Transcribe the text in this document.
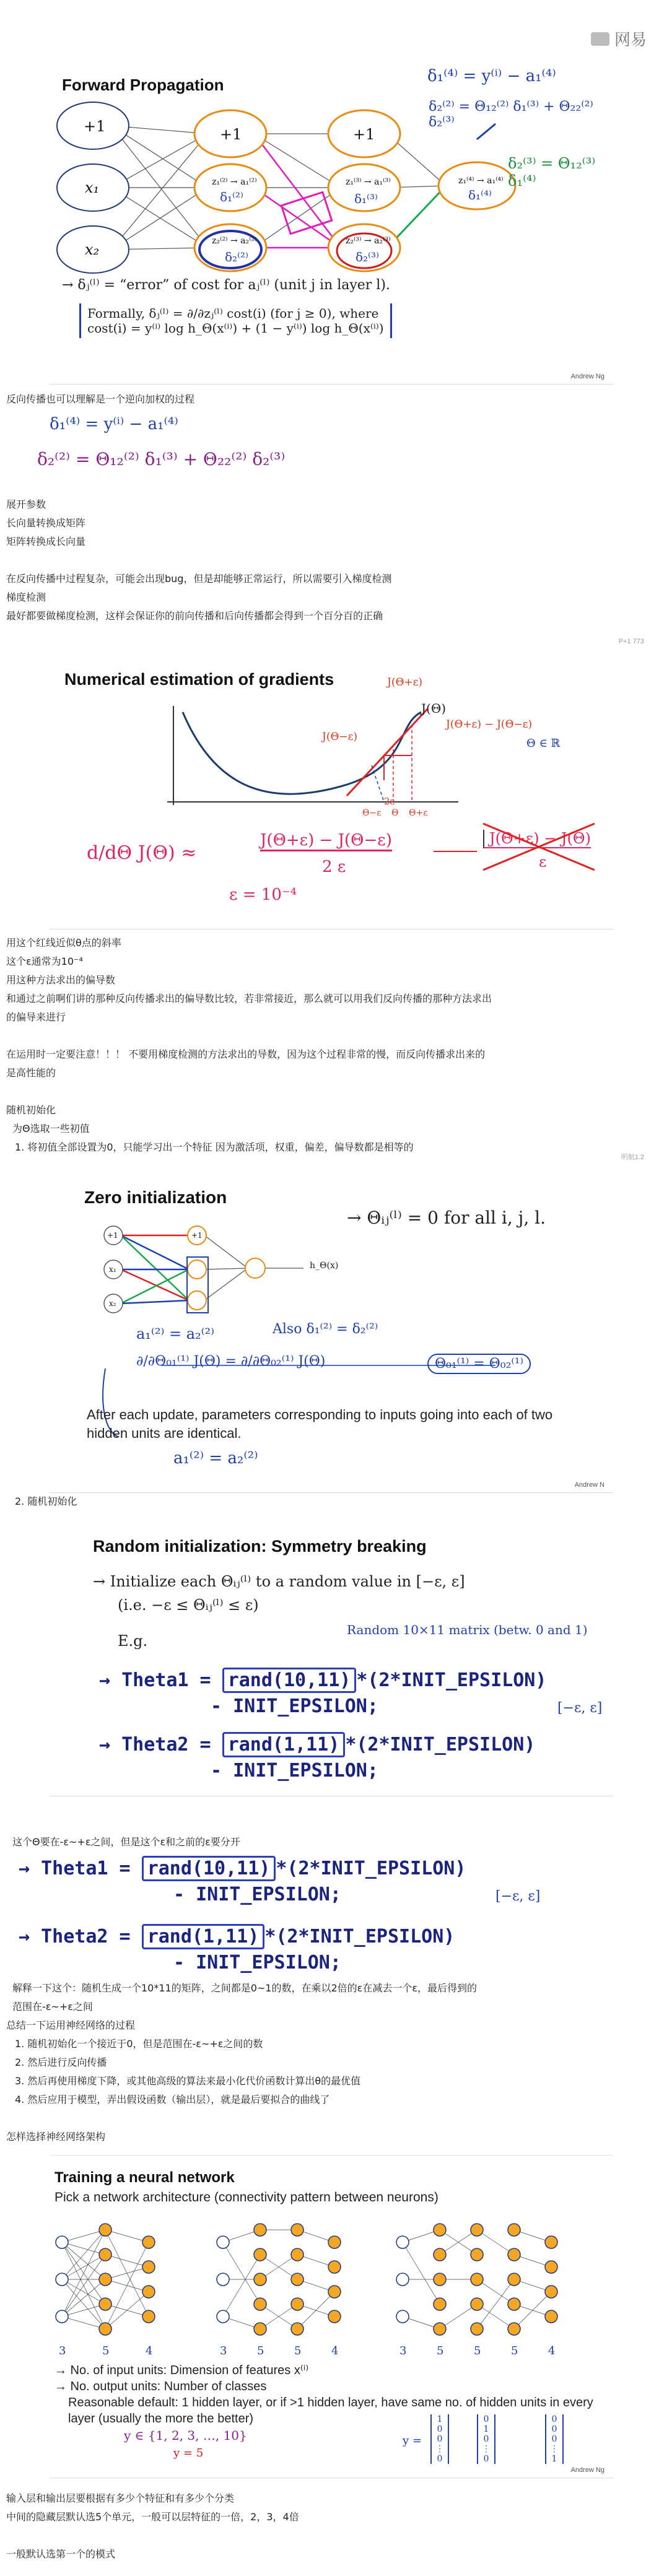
网易
Forward Propagation
+1
x₁
x₂
+1	+1
z₁⁽²⁾ → a₁⁽²⁾
z₂⁽²⁾ → a₂⁽²⁾
z₁⁽³⁾ → a₁⁽³⁾
z₂⁽³⁾ → a₂⁽³⁾
z₁⁽⁴⁾ → a₁⁽⁴⁾
δ₁⁽²⁾
δ₂⁽²⁾
δ₁⁽³⁾
δ₂⁽³⁾
δ₁⁽⁴⁾
δ₁⁽⁴⁾ = y⁽ⁱ⁾ − a₁⁽⁴⁾
δ₂⁽³⁾ = Θ₁₂⁽³⁾ δ₁⁽⁴⁾
δ₂⁽²⁾ = Θ₁₂⁽²⁾ δ₁⁽³⁾ + Θ₂₂⁽²⁾ δ₂⁽³⁾
→ δⱼ⁽ˡ⁾ = “error” of cost for aⱼ⁽ˡ⁾ (unit j in layer l).
Formally, δⱼ⁽ˡ⁾ = ∂/∂zⱼ⁽ˡ⁾ cost(i) (for j ≥ 0), where
cost(i) = y⁽ⁱ⁾ log h_Θ(x⁽ⁱ⁾) + (1 − y⁽ⁱ⁾) log h_Θ(x⁽ⁱ⁾)
Andrew Ng

反向传播也可以理解是一个逆向加权的过程

δ₁⁽⁴⁾ = y⁽ⁱ⁾ − a₁⁽⁴⁾
δ₂⁽²⁾ = Θ₁₂⁽²⁾ δ₁⁽³⁾ + Θ₂₂⁽²⁾ δ₂⁽³⁾

展开参数

长向量转换成矩阵

矩阵转换成长向量

在反向传播中过程复杂，可能会出现bug，但是却能够正常运行，所以需要引入梯度检测

梯度检测

最好都要做梯度检测，这样会保证你的前向传播和后向传播都会得到一个百分百的正确

P+1 773
Numerical estimation of gradients
J(Θ)
J(Θ+ε)
J(Θ−ε)
J(Θ+ε) − J(Θ−ε)
2ε
Θ ∈ ℝ
Θ−ε Θ Θ+ε
d/dΘ J(Θ) ≈
J(Θ+ε) − J(Θ−ε)
2 ε
ε = 10⁻⁴
J(Θ+ε) − J(Θ)
ε

用这个红线近似θ点的斜率

这个ε通常为10⁻⁴

用这种方法求出的偏导数

和通过之前啊们讲的那种反向传播求出的偏导数比较，若非常接近，那么就可以用我们反向传播的那种方法求出

的偏导来进行

在运用时一定要注意！！！ 不要用梯度检测的方法求出的导数，因为这个过程非常的慢，而反向传播求出来的

是高性能的

随机初始化

为Θ选取一些初值

1. 将初值全部设置为0，只能学习出一个特征 因为激活项，权重，偏差，偏导数都是相等的

明航1.2
Zero initialization
+1
x₁
x₂
+1
→ Θᵢⱼ⁽ˡ⁾ = 0 for all i, j, l.
h_Θ(x)
a₁⁽²⁾ = a₂⁽²⁾	Also δ₁⁽²⁾ = δ₂⁽²⁾
∂/∂Θ₀₁⁽¹⁾ J(Θ) = ∂/∂Θ₀₂⁽¹⁾ J(Θ)	Θ₀₁⁽¹⁾ = Θ₀₂⁽¹⁾
After each update, parameters corresponding to inputs going into each of two hidden units are identical.
a₁⁽²⁾ = a₂⁽²⁾
Andrew N

2. 随机初始化

Random initialization: Symmetry breaking
→ Initialize each Θᵢⱼ⁽ˡ⁾ to a random value in [−ε, ε]
(i.e. −ε ≤ Θᵢⱼ⁽ˡ⁾ ≤ ε)
E.g.
Random 10×11 matrix (betw. 0 and 1)
→ Theta1 = rand(10,11) *(2*INIT_EPSILON)
- INIT_EPSILON;	[−ε, ε]
→ Theta2 = rand(1,11) *(2*INIT_EPSILON)
- INIT_EPSILON;

这个Θ要在-ε~+ε之间，但是这个ε和之前的ε要分开

→ Theta1 = rand(10,11) *(2*INIT_EPSILON)
- INIT_EPSILON;	[−ε, ε]
→ Theta2 = rand(1,11) *(2*INIT_EPSILON)
- INIT_EPSILON;

解释一下这个：随机生成一个10*11的矩阵，之间都是0~1的数，在乘以2倍的ε在减去一个ε，最后得到的

范围在-ε~+ε之间

总结一下运用神经网络的过程

1. 随机初始化一个接近于0，但是范围在-ε~+ε之间的数

2. 然后进行反向传播

3. 然后再使用梯度下降，或其他高级的算法来最小化代价函数计算出θ的最优值

4. 然后应用于模型，弄出假设函数（输出层），就是最后要拟合的曲线了

怎样选择神经网络架构

Training a neural network
Pick a network architecture (connectivity pattern between neurons)
3	5	4	3	5	5	4	3	5	5	5	4
→ No. of input units: Dimension of features x⁽ⁱ⁾
→ No. output units: Number of classes
Reasonable default: 1 hidden layer, or if >1 hidden layer, have same no. of hidden units in every layer (usually the more the better)
y ∈ {1, 2, 3, …, 10}
y = 5
y =
1
0
0
⋮
0
0
1
0
⋮
0
0
0
0
⋮
1
Andrew Ng

输入层和输出层要根据有多少个特征和有多少个分类

中间的隐藏层默认选5个单元，一般可以层特征的一倍，2，3，4倍

一般默认选第一个的模式
